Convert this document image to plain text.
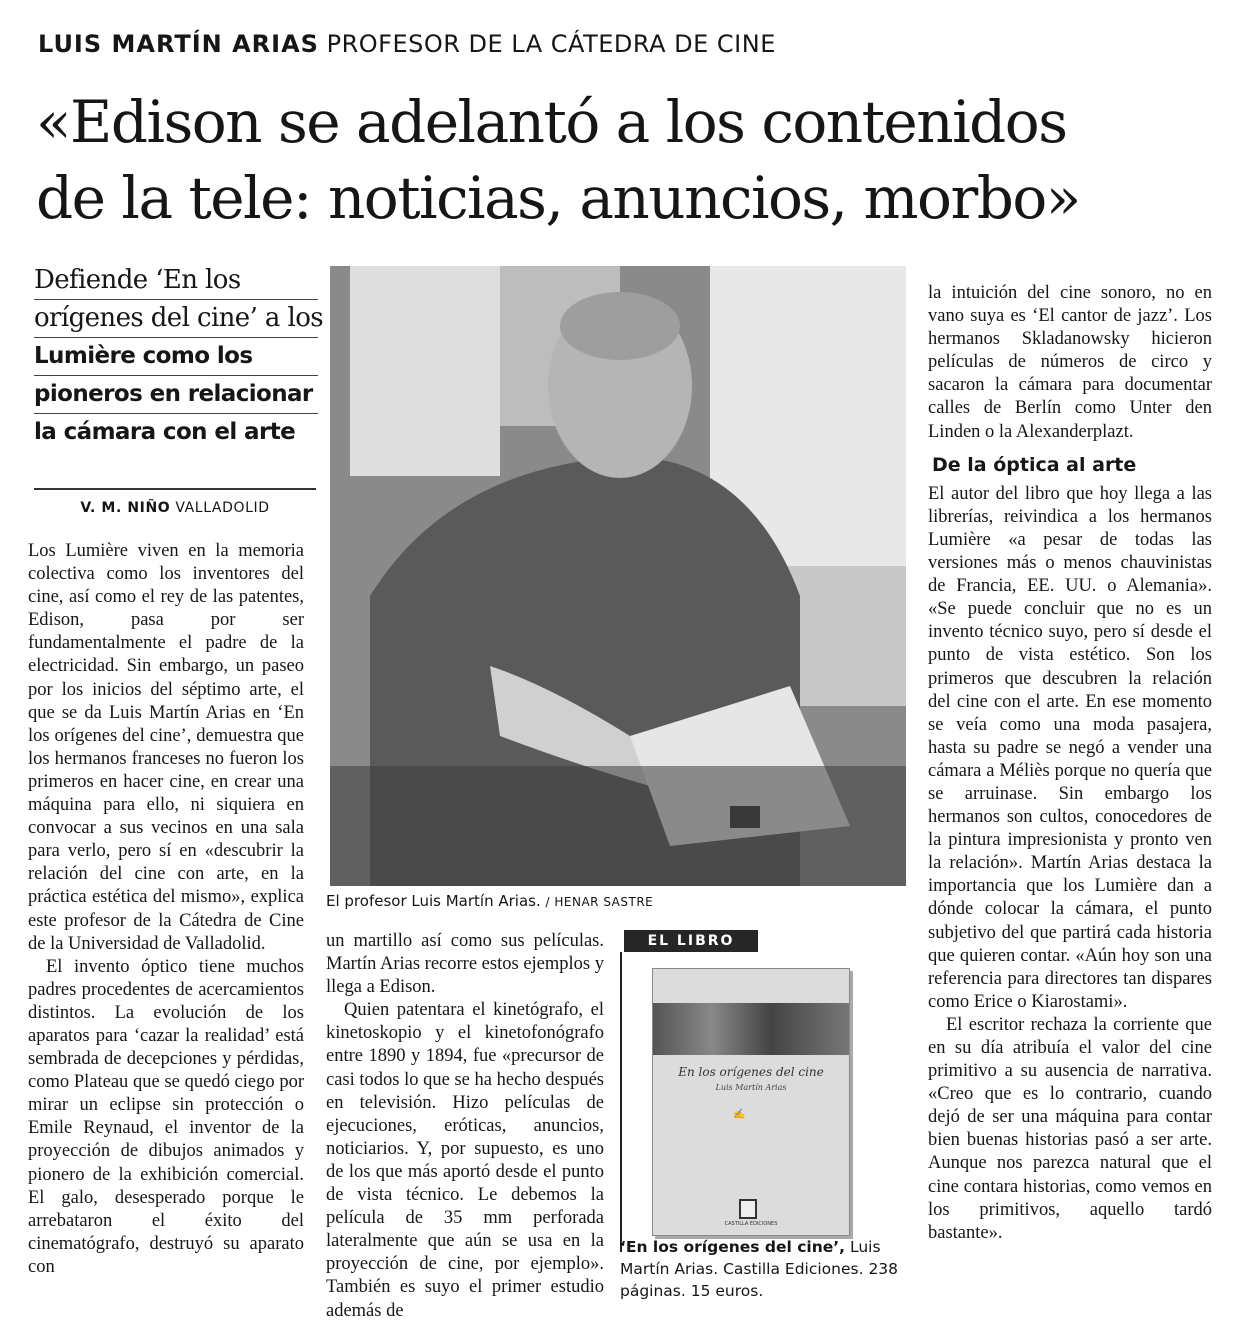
LUIS MARTÍN ARIAS PROFESOR DE LA CÁTEDRA DE CINE
«Edison se adelantó a los contenidos
de la tele: noticias, anuncios, morbo»
Defiende ‘En los
orígenes del cine’ a los
Lumière como los
pioneros en relacionar
la cámara con el arte
V. M. NIÑO VALLADOLID

Los Lumière viven en la memoria colectiva como los inventores del cine, así como el rey de las patentes, Edison, pasa por ser fundamentalmente el padre de la electricidad. Sin embargo, un paseo por los inicios del séptimo arte, el que se da Luis Martín Arias en ‘En los orígenes del cine’, demuestra que los hermanos franceses no fueron los primeros en hacer cine, en crear una máquina para ello, ni siquiera en convocar a sus vecinos en una sala para verlo, pero sí en «descubrir la relación del cine con arte, en la práctica estética del mismo», explica este profesor de la Cátedra de Cine de la Universidad de Valladolid.

El invento óptico tiene muchos padres procedentes de acercamientos distintos. La evolución de los aparatos para ‘cazar la realidad’ está sembrada de decepciones y pérdidas, como Plateau que se quedó ciego por mirar un eclipse sin protección o Emile Reynaud, el inventor de la proyección de dibujos animados y pionero de la exhibición comercial. El galo, desesperado porque le arrebataron el éxito del cinematógrafo, destruyó su aparato con

El profesor Luis Martín Arias. / HENAR SASTRE

un martillo así como sus películas. Martín Arias recorre estos ejemplos y llega a Edison.

Quien patentara el kinetógrafo, el kinetoskopio y el kinetofonógrafo entre 1890 y 1894, fue «precursor de casi todos lo que se ha hecho después en televisión. Hizo películas de ejecuciones, eróticas, anuncios, noticiarios. Y, por supuesto, es uno de los que más aportó desde el punto de vista técnico. Le debemos la película de 35 mm perforada lateralmente que aún se usa en la proyección de cine, por ejemplo». También es suyo el primer estudio además de

EL LIBRO
En los orígenes del cine
Luis Martín Arias
✍
CASTILLA EDICIONES
‘En los orígenes del cine’, Luis Martín Arias. Castilla Ediciones. 238 páginas. 15 euros.

la intuición del cine sonoro, no en vano suya es ‘El cantor de jazz’. Los hermanos Skladanowsky hicieron películas de números de circo y sacaron la cámara para documentar calles de Berlín como Unter den Linden o la Alexanderplazt.

De la óptica al arte

El autor del libro que hoy llega a las librerías, reivindica a los hermanos Lumière «a pesar de todas las versiones más o menos chauvinistas de Francia, EE. UU. o Alemania». «Se puede concluir que no es un invento técnico suyo, pero sí desde el punto de vista estético. Son los primeros que descubren la relación del cine con el arte. En ese momento se veía como una moda pasajera, hasta su padre se negó a vender una cámara a Méliès porque no quería que se arruinase. Sin embargo los hermanos son cultos, conocedores de la pintura impresionista y pronto ven la relación». Martín Arias destaca la importancia que los Lumière dan a dónde colocar la cámara, el punto subjetivo del que partirá cada historia que quieren contar. «Aún hoy son una referencia para directores tan dispares como Erice o Kiarostami».

El escritor rechaza la corriente que en su día atribuía el valor del cine primitivo a su ausencia de narrativa. «Creo que es lo contrario, cuando dejó de ser una máquina para contar bien buenas historias pasó a ser arte. Aunque nos parezca natural que el cine contara historias, como vemos en los primitivos, aquello tardó bastante».
